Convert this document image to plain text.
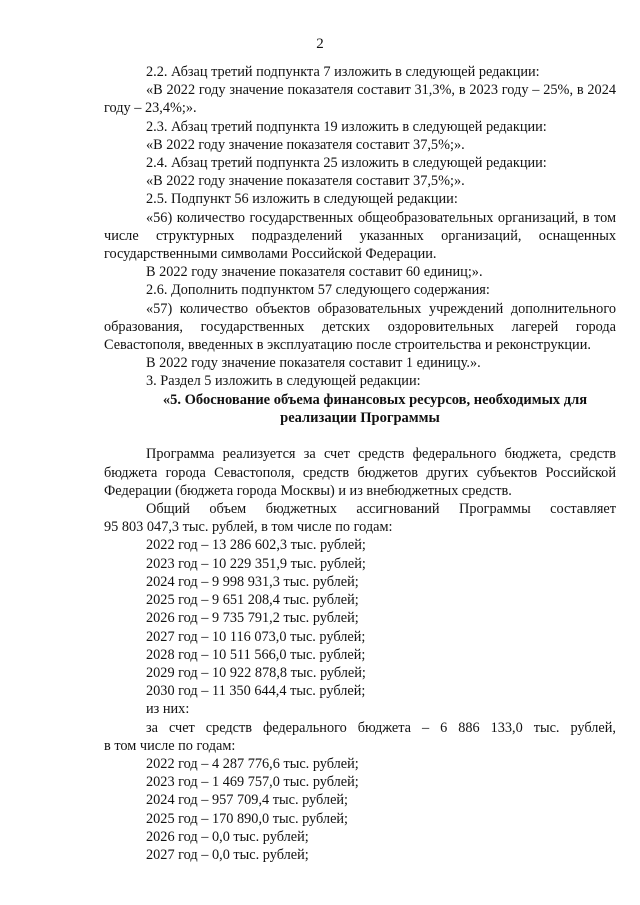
2

2.2. Абзац третий подпункта 7 изложить в следующей редакции:

«В 2022 году значение показателя составит 31,3%, в 2023 году – 25%, в 2024 году – 23,4%;».

2.3. Абзац третий подпункта 19 изложить в следующей редакции:

«В 2022 году значение показателя составит 37,5%;».

2.4. Абзац третий подпункта 25 изложить в следующей редакции:

«В 2022 году значение показателя составит 37,5%;».

2.5. Подпункт 56 изложить в следующей редакции:

«56) количество государственных общеобразовательных организаций, в том числе структурных подразделений указанных организаций, оснащенных государственными символами Российской Федерации.

В 2022 году значение показателя составит 60 единиц;».

2.6. Дополнить подпунктом 57 следующего содержания:

«57) количество объектов образовательных учреждений дополнительного образования, государственных детских оздоровительных лагерей города Севастополя, введенных в эксплуатацию после строительства и реконструкции.

В 2022 году значение показателя составит 1 единицу.».

3. Раздел 5 изложить в следующей редакции:

«5. Обоснование объема финансовых ресурсов, необходимых для

реализации Программы

Программа реализуется за счет средств федерального бюджета, средств бюджета города Севастополя, средств бюджетов других субъектов Российской Федерации (бюджета города Москвы) и из внебюджетных средств.

Общий объем бюджетных ассигнований Программы составляет

95 803 047,3 тыс. рублей, в том числе по годам:

2022 год – 13 286 602,3 тыс. рублей;
2023 год – 10 229 351,9 тыс. рублей;
2024 год – 9 998 931,3 тыс. рублей;
2025 год – 9 651 208,4 тыс. рублей;
2026 год – 9 735 791,2 тыс. рублей;
2027 год – 10 116 073,0 тыс. рублей;
2028 год – 10 511 566,0 тыс. рублей;
2029 год – 10 922 878,8 тыс. рублей;
2030 год – 11 350 644,4 тыс. рублей;

из них:

за счет средств федерального бюджета – 6 886 133,0 тыс. рублей,

в том числе по годам:

2022 год – 4 287 776,6 тыс. рублей;
2023 год – 1 469 757,0 тыс. рублей;
2024 год – 957 709,4 тыс. рублей;
2025 год – 170 890,0 тыс. рублей;
2026 год – 0,0 тыс. рублей;
2027 год – 0,0 тыс. рублей;
